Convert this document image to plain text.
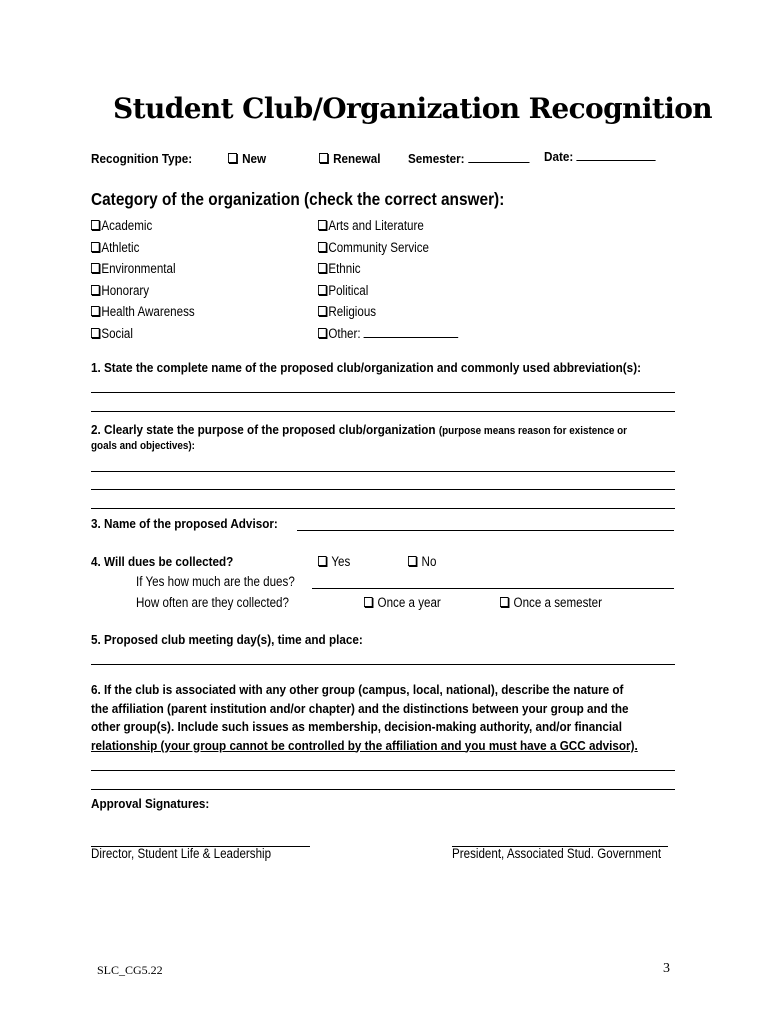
Student Club/Organization Recognition
Recognition Type:	New	Renewal Semester:	Date:
Category of the organization (check the correct answer):
Academic
Athletic
Environmental
Honorary
Health Awareness
Social
Arts and Literature
Community Service
Ethnic
Political
Religious
Other:
1. State the complete name of the proposed club/organization and commonly used abbreviation(s):
2. Clearly state the purpose of the proposed club/organization (purpose means reason for existence or
goals and objectives):
3. Name of the proposed Advisor:
4. Will dues be collected?	Yes	No
If Yes how much are the dues?
How often are they collected?	Once a year	Once a semester
5. Proposed club meeting day(s), time and place:
6. If the club is associated with any other group (campus, local, national), describe the nature of
the affiliation (parent institution and/or chapter) and the distinctions between your group and the
other group(s). Include such issues as membership, decision-making authority, and/or financial
relationship (your group cannot be controlled by the affiliation and you must have a GCC advisor).
Approval Signatures:
Director, Student Life & Leadership	President, Associated Stud. Government
SLC_CG5.22	3
